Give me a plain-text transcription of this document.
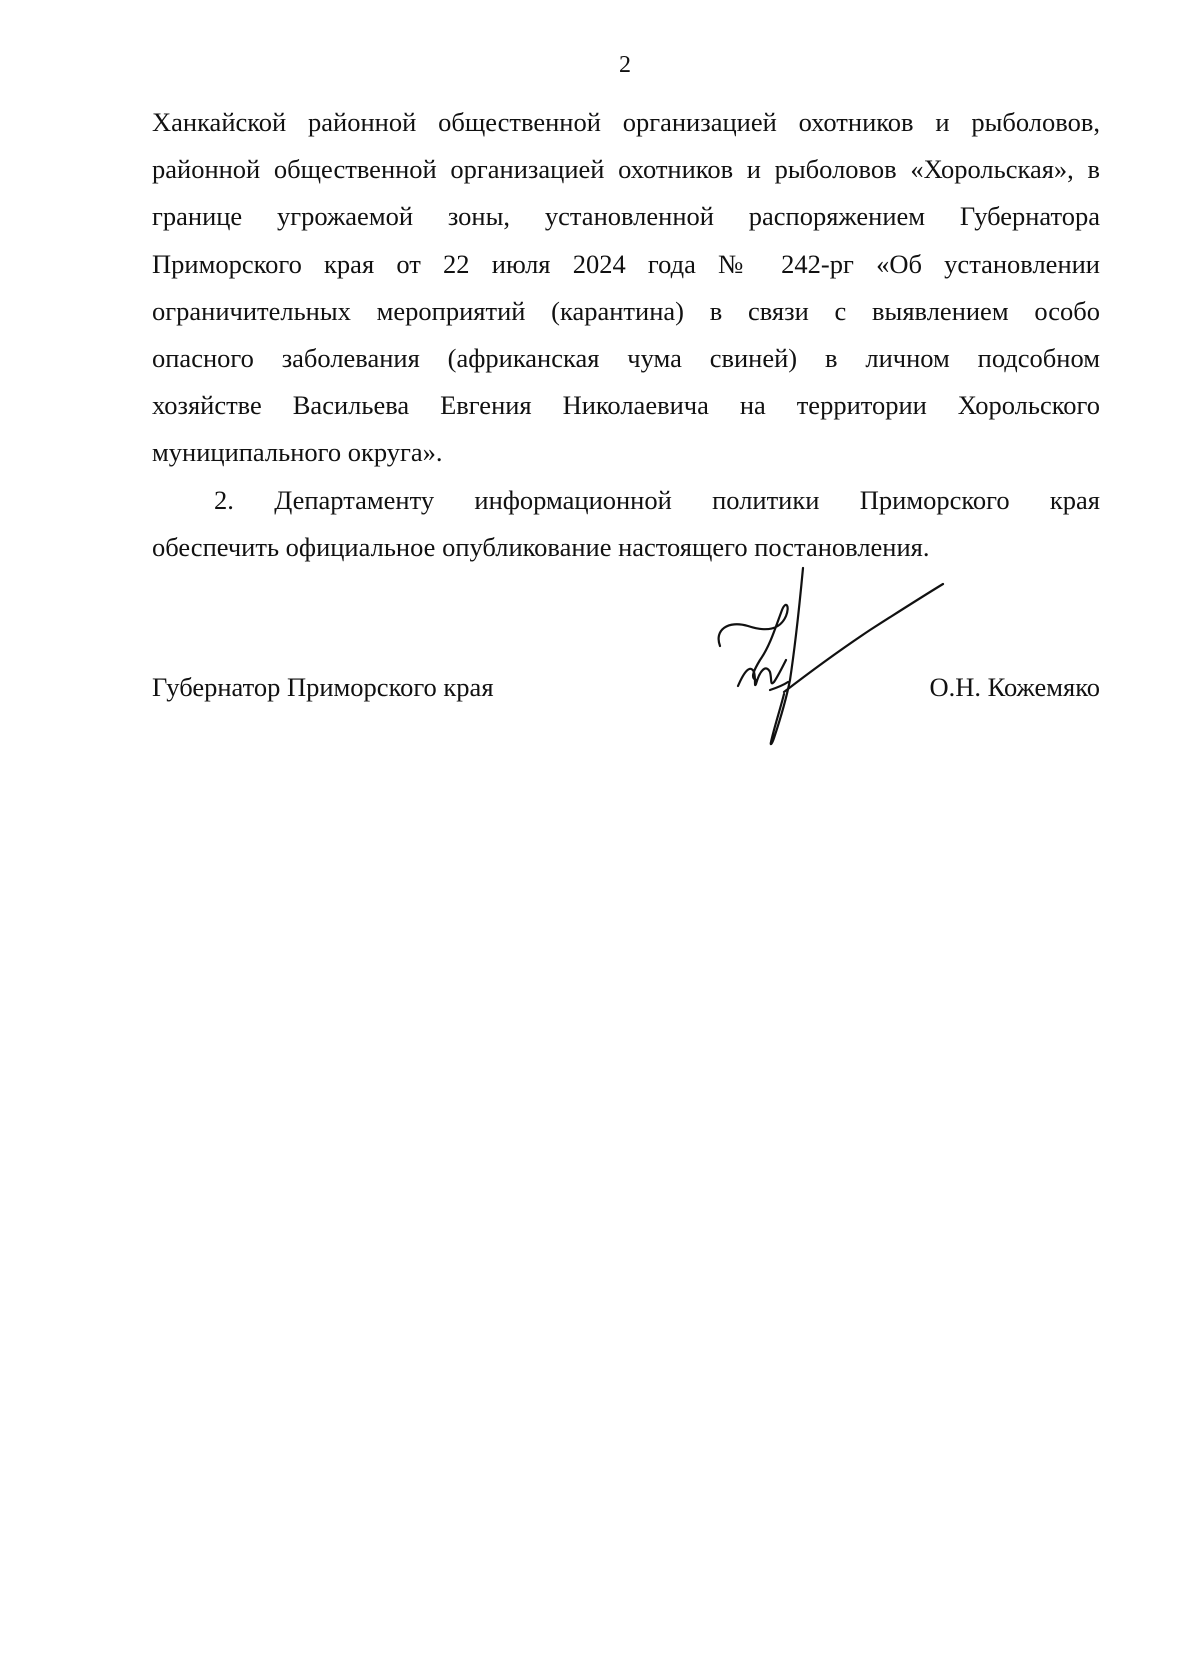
2
Ханкайской районной общественной организацией охотников и рыболовов,
районной общественной организацией охотников и рыболовов «Хорольская», в
границе угрожаемой зоны, установленной распоряжением Губернатора
Приморского края от 22 июля 2024 года № 242-рг «Об установлении
ограничительных мероприятий (карантина) в связи с выявлением особо
опасного заболевания (африканская чума свиней) в личном подсобном
хозяйстве Васильева Евгения Николаевича на территории Хорольского
муниципального округа».
2. Департаменту информационной политики Приморского края
обеспечить официальное опубликование настоящего постановления.
Губернатор Приморского края	О.Н. Кожемяко
